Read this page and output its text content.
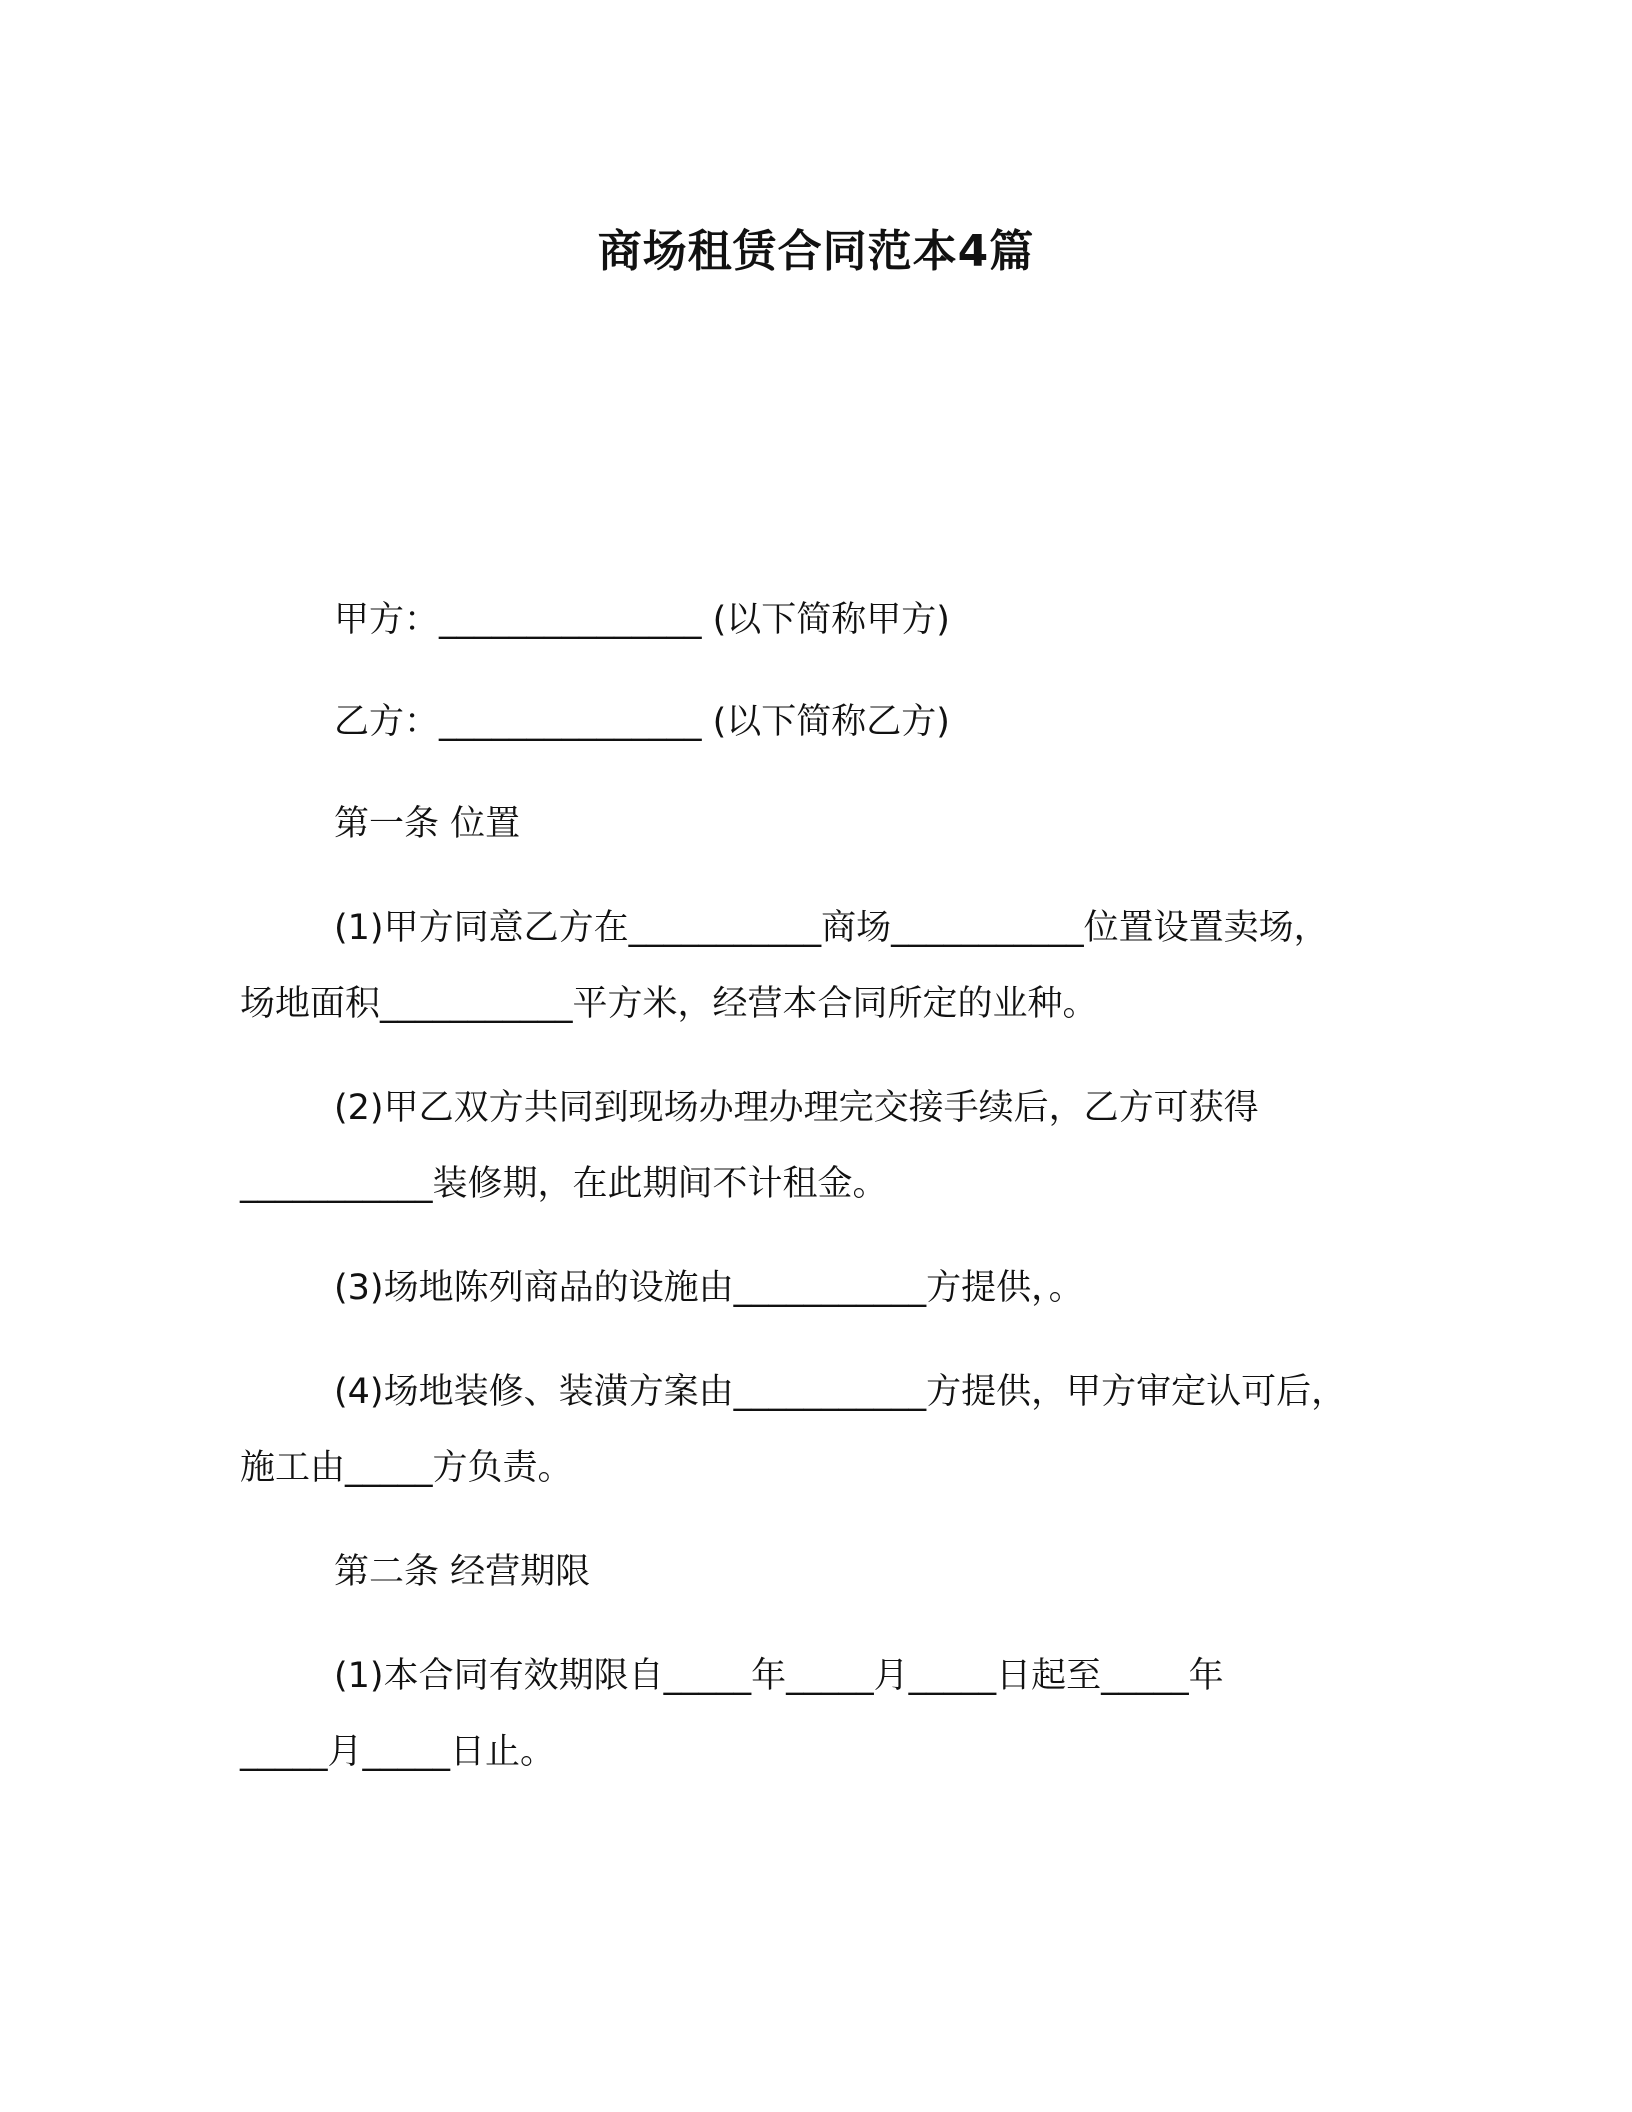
商场租赁合同范本4篇
甲方：_______________ (以下简称甲方)
乙方：_______________ (以下简称乙方)
第一条 位置
(1)甲方同意乙方在___________商场___________位置设置卖场，
场地面积___________平方米，经营本合同所定的业种。
(2)甲乙双方共同到现场办理办理完交接手续后，乙方可获得
___________装修期，在此期间不计租金。
(3)场地陈列商品的设施由___________方提供，。
(4)场地装修、装潢方案由___________方提供，甲方审定认可后，
施工由_____方负责。
第二条 经营期限
(1)本合同有效期限自_____年_____月_____日起至_____年
_____月_____日止。
